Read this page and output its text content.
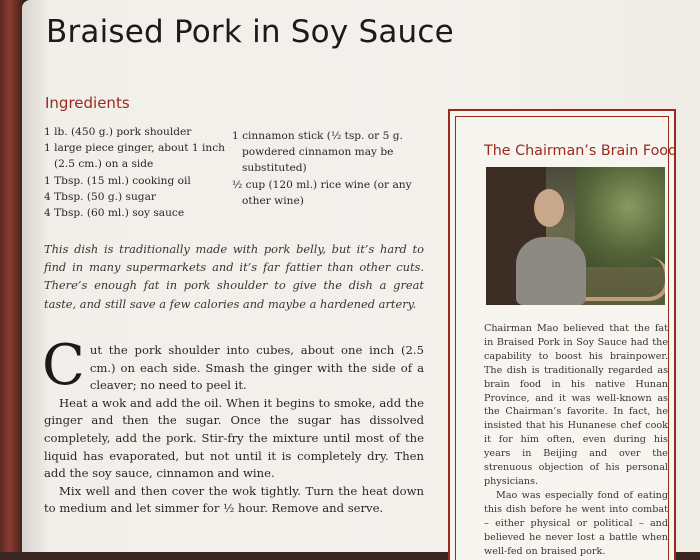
Braised Pork in Soy Sauce
Ingredients

1 lb. (450 g.) pork shoulder

1 large piece ginger, about 1 inch (2.5 cm.) on a side

1 Tbsp. (15 ml.) cooking oil

4 Tbsp. (50 g.) sugar

4 Tbsp. (60 ml.) soy sauce

1 cinnamon stick (½ tsp. or 5 g. powdered cinnamon may be substituted)

½ cup (120 ml.) rice wine (or any other wine)

This dish is traditionally made with pork belly, but it’s hard to find in many supermarkets and it’s far fattier than other cuts. There’s enough fat in pork shoulder to give the dish a great taste, and still save a few calories and maybe a hardened artery.

Cut the pork shoulder into cubes, about one inch (2.5 cm.) on each side. Smash the ginger with the side of a cleaver; no need to peel it.

Heat a wok and add the oil. When it begins to smoke, add the ginger and then the sugar. Once the sugar has dissolved completely, add the pork. Stir-fry the mixture until most of the liquid has evaporated, but not until it is completely dry. Then add the soy sauce, cinnamon and wine.

Mix well and then cover the wok tightly. Turn the heat down to medium and let simmer for ½ hour. Remove and serve.

The Chairman’s Brain Food

Chairman Mao believed that the fat in Braised Pork in Soy Sauce had the capability to boost his brainpower. The dish is traditionally regarded as brain food in his native Hunan Province, and it was well-known as the Chairman’s favorite. In fact, he insisted that his Hunanese chef cook it for him often, even during his years in Beijing and over the strenuous objection of his personal physicians.

Mao was especially fond of eating this dish before he went into combat – either physical or political – and believed he never lost a battle when well-fed on braised pork.
